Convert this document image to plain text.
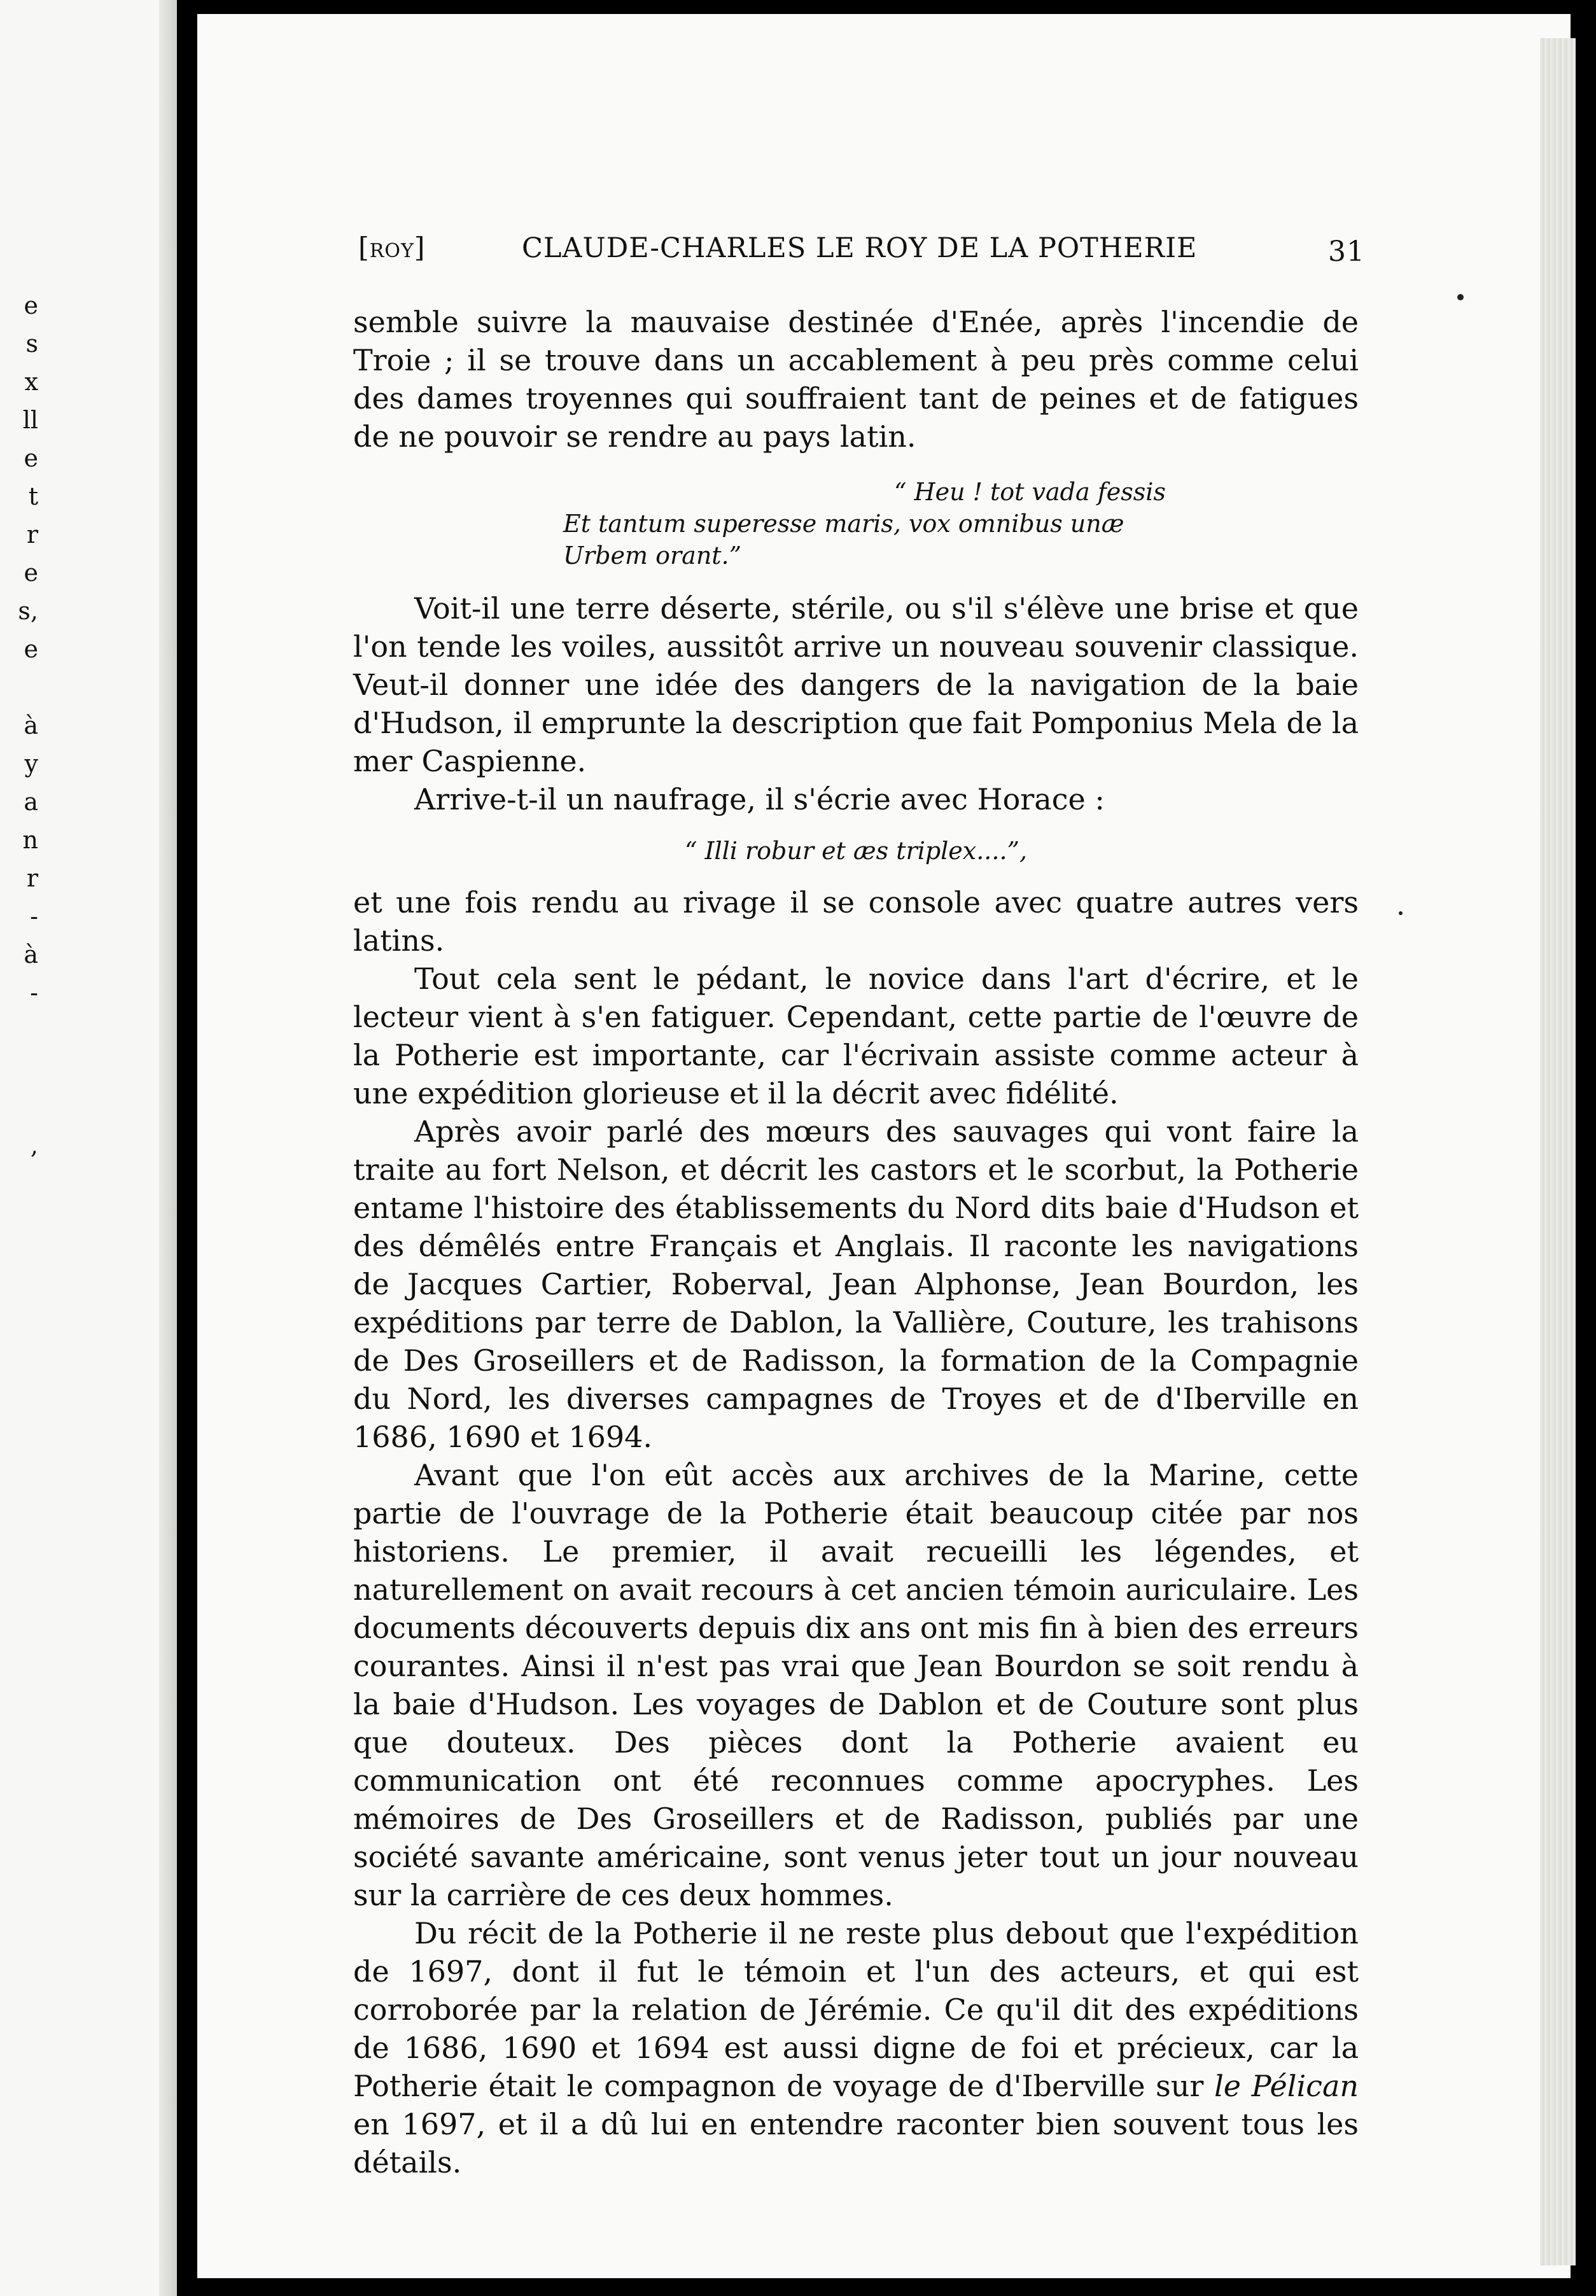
e
s
x
ll
e
t
r
e
s,
e
à
y
a
n
r
-
à
-
,
[ROY]	CLAUDE-CHARLES LE ROY DE LA POTHERIE	31

semble suivre la mauvaise destinée d'Enée, après l'incendie de Troie ; il se trouve dans un accablement à peu près comme celui des dames troyennes qui souffraient tant de peines et de fatigues de ne pouvoir se rendre au pays latin.

“ Heu ! tot vada fessis
Et tantum superesse maris, vox omnibus unæ
Urbem orant.”

Voit-il une terre déserte, stérile, ou s'il s'élève une brise et que l'on tende les voiles, aussitôt arrive un nouveau souvenir classique. Veut-il donner une idée des dangers de la navigation de la baie d'Hudson, il emprunte la description que fait Pomponius Mela de la mer Caspienne.

Arrive-t-il un naufrage, il s'écrie avec Horace :

“ Illi robur et æs triplex....”,

et une fois rendu au rivage il se console avec quatre autres vers latins.

Tout cela sent le pédant, le novice dans l'art d'écrire, et le lecteur vient à s'en fatiguer. Cependant, cette partie de l'œuvre de la Potherie est importante, car l'écrivain assiste comme acteur à une expédition glorieuse et il la décrit avec fidélité.

Après avoir parlé des mœurs des sauvages qui vont faire la traite au fort Nelson, et décrit les castors et le scorbut, la Potherie entame l'histoire des établissements du Nord dits baie d'Hudson et des démêlés entre Français et Anglais. Il raconte les navigations de Jacques Cartier, Roberval, Jean Alphonse, Jean Bourdon, les expéditions par terre de Dablon, la Vallière, Couture, les trahisons de Des Groseillers et de Radisson, la formation de la Compagnie du Nord, les diverses campagnes de Troyes et de d'Iberville en 1686, 1690 et 1694.

Avant que l'on eût accès aux archives de la Marine, cette partie de l'ouvrage de la Potherie était beaucoup citée par nos historiens. Le premier, il avait recueilli les légendes, et naturellement on avait recours à cet ancien témoin auriculaire. Les documents découverts depuis dix ans ont mis fin à bien des erreurs courantes. Ainsi il n'est pas vrai que Jean Bourdon se soit rendu à la baie d'Hudson. Les voyages de Dablon et de Couture sont plus que douteux. Des pièces dont la Potherie avaient eu communication ont été reconnues comme apocryphes. Les mémoires de Des Groseillers et de Radisson, publiés par une société savante américaine, sont venus jeter tout un jour nouveau sur la carrière de ces deux hommes.

Du récit de la Potherie il ne reste plus debout que l'expédition de 1697, dont il fut le témoin et l'un des acteurs, et qui est corroborée par la relation de Jérémie. Ce qu'il dit des expéditions de 1686, 1690 et 1694 est aussi digne de foi et précieux, car la Potherie était le compagnon de voyage de d'Iberville sur le Pélican en 1697, et il a dû lui en entendre raconter bien souvent tous les détails.
